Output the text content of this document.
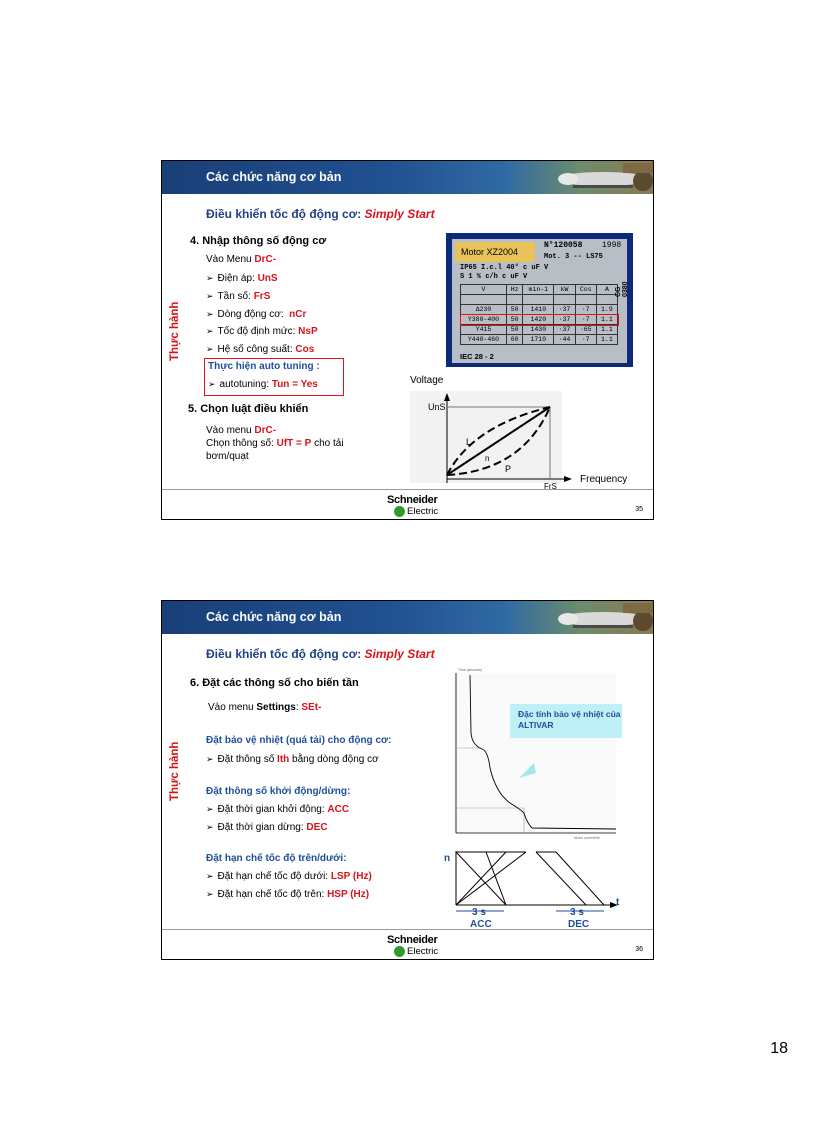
Các chức năng cơ bản
Điều khiển tốc độ động cơ: Simply Start
Thực hành
4. Nhập thông số động cơ
Vào Menu DrC-
➢ Điện áp: UnS
➢ Tần số: FrS
➢ Dòng động cơ: nCr
➢ Tốc độ định mức: NsP
➢ Hệ số công suất: Cos
Thực hiện auto tuning :
➢ autotuning: Tun = Yes
5. Chọn luật điều khiển
Vào menu DrC-
Chọn thông số: UfT = P cho tải
bơm/quạt
Motor XZ2004
N°120058 1998
Mot. 3 -- LS75
IP65 I.c.l 40° c uF V
S 1 % c/h c uF V
V	Hz	min-1	kW	Cos	A

Δ230	50	1410	·37	·7	1.9
Y380-400	50	1420	·37	·7	1.1
Y415	50	1430	·37	·65	1.1
Y440-460	60	1710	·44	·7	1.1
IEC 28 - 2
CG 0380
Voltage
UnS
Frequency
FrS
L
n
P
Schneider
Electric	35
Các chức năng cơ bản
Điều khiển tốc độ động cơ: Simply Start
Thực hành
6. Đặt các thông số cho biến tần
Vào menu Settings: SEt-
Đặt bảo vệ nhiệt (quá tải) cho động cơ:
➢ Đặt thông số Ith bằng dòng động cơ
Đặt thông số khởi động/dừng:
➢ Đặt thời gian khởi động: ACC
➢ Đặt thời gian dừng: DEC
Đặt hạn chế tốc độ trên/dưới:
➢ Đặt hạn chế tốc độ dưới: LSP (Hz)
➢ Đặt hạn chế tốc độ trên: HSP (Hz)
Time (seconds)
Motor current/Ith
Đặc tính bảo vệ nhiệt của ALTIVAR
n
t
3 s
ACC
3 s
DEC
Schneider
Electric	36
18
